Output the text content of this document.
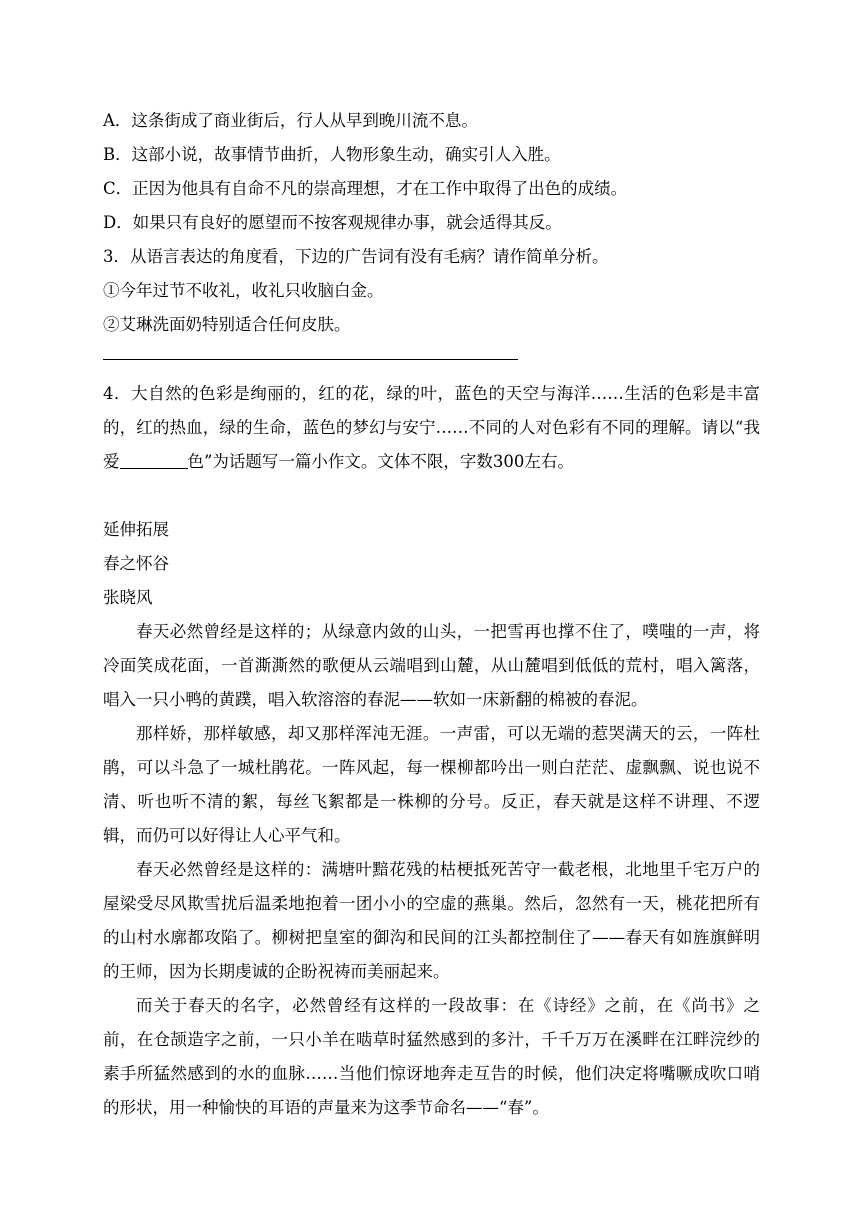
A．这条街成了商业街后，行人从早到晚川流不息。
B．这部小说，故事情节曲折，人物形象生动，确实引人入胜。
C．正因为他具有自命不凡的崇高理想，才在工作中取得了出色的成绩。
D．如果只有良好的愿望而不按客观规律办事，就会适得其反。
3．从语言表达的角度看，下边的广告词有没有毛病？请作简单分析。
①今年过节不收礼，收礼只收脑白金。
②艾琳洗面奶特别适合任何皮肤。
4．大自然的色彩是绚丽的，红的花，绿的叶，蓝色的天空与海洋……生活的色彩是丰富的，红的热血，绿的生命，蓝色的梦幻与安宁……不同的人对色彩有不同的理解。请以“我爱	色”为话题写一篇小作文。文体不限，字数300左右。
延伸拓展
春之怀谷
张晓风
春天必然曾经是这样的；从绿意内敛的山头，一把雪再也撑不住了，噗嗤的一声，将冷面笑成花面，一首澌澌然的歌便从云端唱到山麓，从山麓唱到低低的荒村，唱入篱落，唱入一只小鸭的黄蹼，唱入软溶溶的春泥——软如一床新翻的棉被的春泥。
那样娇，那样敏感，却又那样浑沌无涯。一声雷，可以无端的惹哭满天的云，一阵杜鹃，可以斗急了一城杜鹃花。一阵风起，每一棵柳都吟出一则白茫茫、虚飘飘、说也说不清、听也听不清的絮，每丝飞絮都是一株柳的分号。反正，春天就是这样不讲理、不逻辑，而仍可以好得让人心平气和。
春天必然曾经是这样的：满塘叶黯花残的枯梗抵死苦守一截老根，北地里千宅万户的屋梁受尽风欺雪扰后温柔地抱着一团小小的空虚的燕巢。然后，忽然有一天，桃花把所有的山村水廓都攻陷了。柳树把皇室的御沟和民间的江头都控制住了——春天有如旌旗鲜明的王师，因为长期虔诚的企盼祝祷而美丽起来。
而关于春天的名字，必然曾经有这样的一段故事：在《诗经》之前，在《尚书》之前，在仓颉造字之前，一只小羊在啮草时猛然感到的多汁，千千万万在溪畔在江畔浣纱的素手所猛然感到的水的血脉……当他们惊讶地奔走互告的时候，他们决定将嘴噘成吹口哨的形状，用一种愉快的耳语的声量来为这季节命名——“春”。
